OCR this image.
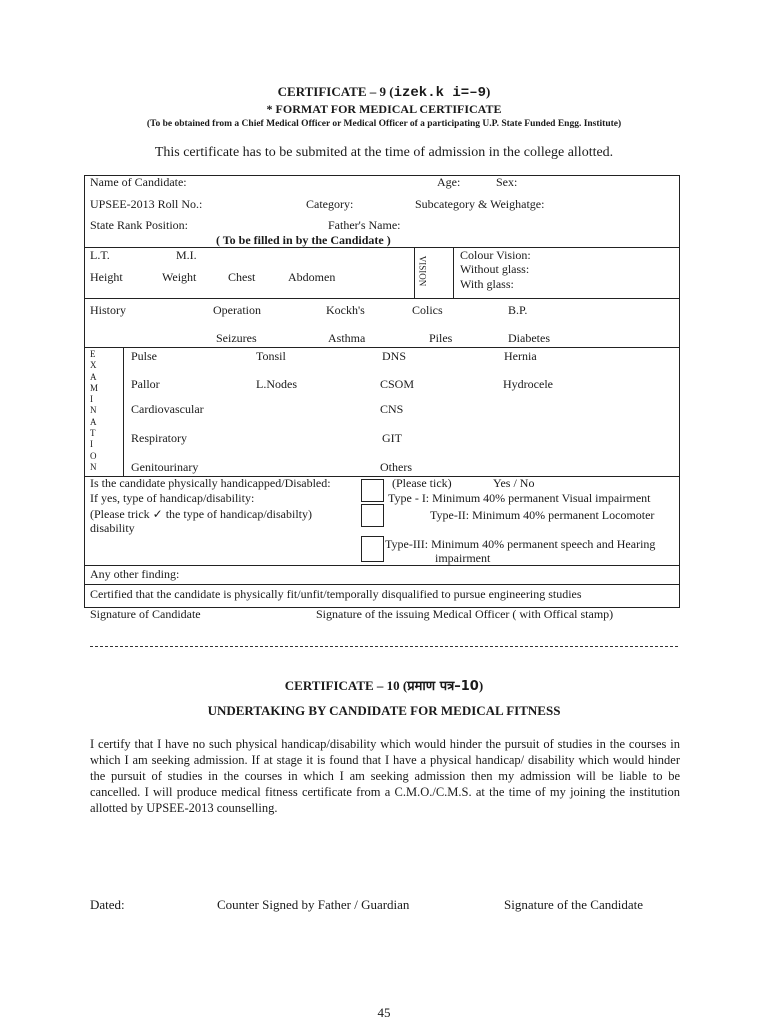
CERTIFICATE – 9 (izek.k i=–9)
* FORMAT FOR MEDICAL CERTIFICATE
(To be obtained from a Chief Medical Officer or Medical Officer of a participating U.P. State Funded Engg. Institute)
This certificate has to be submited at the time of admission in the college allotted.
Name of Candidate:	Age:	Sex:
UPSEE-2013 Roll No.:	Category:	Subcategory & Weighatge:
State Rank Position:	Father's Name:
( To be filled in by the Candidate )
L.T.	M.I.
Height	Weight	Chest	Abdomen	VISION
Colour Vision:
Without glass:
With glass:
History	Operation	Kockh's	Colics	B.P.
Seizures	Asthma	Piles	Diabetes
E
X
A
M
I
N
A
T
I
O
N
Pulse	Tonsil	DNS	Hernia
Pallor	L.Nodes	CSOM	Hydrocele
Cardiovascular	CNS
Respiratory	GIT
Genitourinary	Others
Is the candidate physically handicapped/Disabled:	(Please tick)	Yes / No
If yes, type of handicap/disability:
(Please trick ✓ the type of handicap/disabilty)
disability
Type - I: Minimum 40% permanent Visual impairment
Type-II: Minimum 40% permanent Locomoter
Type-III: Minimum 40% permanent speech and Hearing
impairment
Any other finding:
Certified that the candidate is physically fit/unfit/temporally disqualified to pursue engineering studies
Signature of Candidate	Signature of the issuing Medical Officer ( with Offical stamp)
CERTIFICATE – 10 (प्रमाण पत्र–10)
UNDERTAKING BY CANDIDATE FOR MEDICAL FITNESS
I certify that I have no such physical handicap/disability which would hinder the pursuit of studies in the courses in which I am seeking admission. If at stage it is found that I have a physical handicap/ disability which would hinder the pursuit of studies in the courses in which I am seeking admission then my admission will be liable to be cancelled. I will produce medical fitness certificate from a C.M.O./C.M.S. at the time of my joining the institution allotted by UPSEE-2013 counselling.
Dated:	Counter Signed by Father / Guardian	Signature of the Candidate
45
